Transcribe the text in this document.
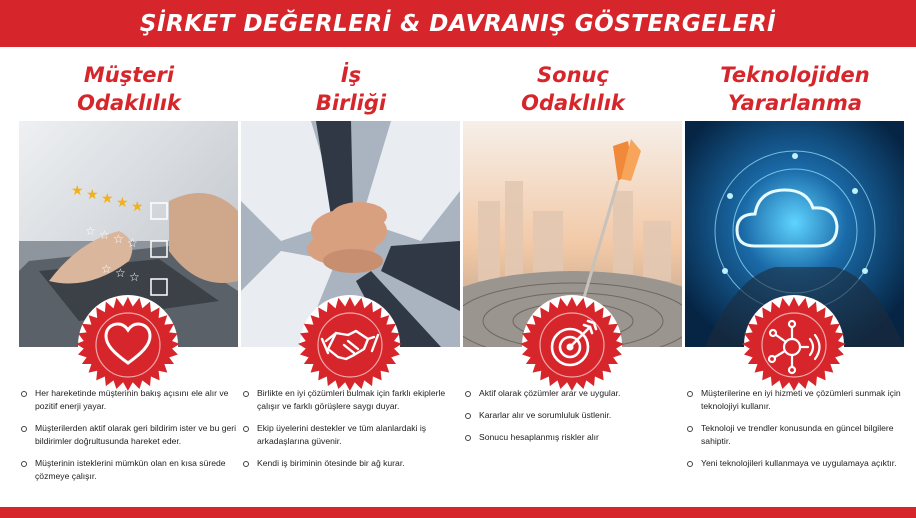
ŞİRKET DEĞERLERİ & DAVRANIŞ GÖSTERGELERİ
Müşteri
Odaklılık
★ ★ ★ ★ ★
☆ ☆ ☆ ☆
☆ ☆ ☆
Her hareketinde müşterinin bakış açısını ele alır ve pozitif enerji yayar.
Müşterilerden aktif olarak geri bildirim ister ve bu geri bildirimler doğrultusunda hareket eder.
Müşterinin isteklerini mümkün olan en kısa sürede çözmeye çalışır.
İş
Birliği
Birlikte en iyi çözümleri bulmak için farklı ekiplerle çalışır ve farklı görüşlere saygı duyar.
Ekip üyelerini destekler ve tüm alanlardaki iş arkadaşlarına güvenir.
Kendi iş biriminin ötesinde bir ağ kurar.
Sonuç
Odaklılık
Aktif olarak çözümler arar ve uygular.
Kararlar alır ve sorumluluk üstlenir.
Sonucu hesaplanmış riskler alır
Teknolojiden
Yararlanma
Müşterilerine en iyi hizmeti ve çözümleri sunmak için teknolojiyi kullanır.
Teknoloji ve trendler konusunda en güncel bilgilere sahiptir.
Yeni teknolojileri kullanmaya ve uygulamaya açıktır.
